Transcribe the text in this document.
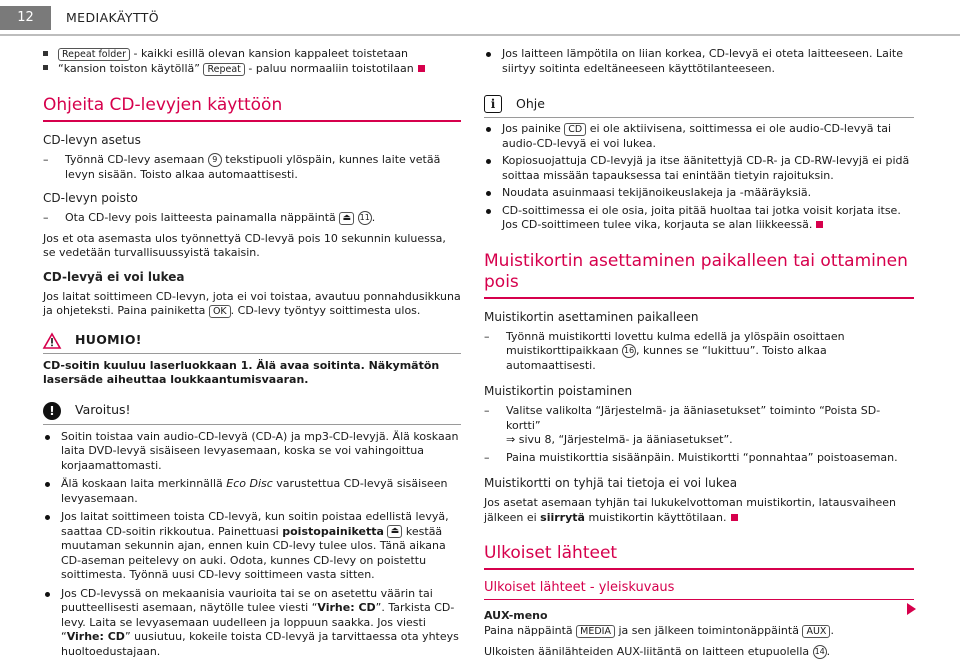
12	MEDIAKÄYTTÖ

Repeat folder - kaikki esillä olevan kansion kappaleet toistetaan

“kansion toiston käytöllä” Repeat - paluu normaaliin toistotilaan

Ohjeita CD-levyjen käyttöön
CD-levyn asetus

– Työnnä CD-levy asemaan 9 tekstipuoli ylöspäin, kunnes laite vetää levyn sisään. Toisto alkaa automaattisesti.

CD-levyn poisto

– Ota CD-levy pois laitteesta painamalla näppäintä ⏏ 11 .

Jos et ota asemasta ulos työnnettyä CD-levyä pois 10 sekunnin kuluessa, se vedetään turvallisuussyistä takaisin.

CD-levyä ei voi lukea

Jos laitat soittimeen CD-levyn, jota ei voi toistaa, avautuu ponnahdusikkuna ja ohjeteksti. Paina painiketta OK . CD-levy työntyy soittimesta ulos.

HUOMIO!

CD-soitin kuuluu laserluokkaan 1. Älä avaa soitinta. Näkymätön lasersäde aiheuttaa loukkaantumisvaaran.

!	Varoitus!

Soitin toistaa vain audio-CD-levyä (CD-A) ja mp3-CD-levyjä. Älä koskaan laita DVD-levyä sisäiseen levyasemaan, koska se voi vahingoittua korjaamattomasti.

Älä koskaan laita merkinnällä Eco Disc varustettua CD-levyä sisäiseen levyasemaan.

Jos laitat soittimeen toista CD-levyä, kun soitin poistaa edellistä levyä, saattaa CD-soitin rikkoutua. Painettuasi poistopainiketta ⏏ kestää muutaman sekunnin ajan, ennen kuin CD-levy tulee ulos. Tänä aikana CD-aseman peitelevy on auki. Odota, kunnes CD-levy on poistettu soittimesta. Työnnä uusi CD-levy soittimeen vasta sitten.

Jos CD-levyssä on mekaanisia vaurioita tai se on asetettu väärin tai puutteellisesti asemaan, näytölle tulee viesti “Virhe: CD”. Tarkista CD-levy. Laita se levyasemaan uudelleen ja loppuun saakka. Jos viesti “Virhe: CD” uusiutuu, kokeile toista CD-levyä ja tarvittaessa ota yhteys huoltoedustajaan.

Jos laitteen lämpötila on liian korkea, CD-levyä ei oteta laitteeseen. Laite siirtyy soitinta edeltäneeseen käyttötilanteeseen.

i	Ohje

Jos painike CD ei ole aktiivisena, soittimessa ei ole audio-CD-levyä tai audio-CD-levyä ei voi lukea.

Kopiosuojattuja CD-levyjä ja itse äänitettyjä CD-R- ja CD-RW-levyjä ei pidä soittaa missään tapauksessa tai enintään tietyin rajoituksin.

Noudata asuinmaasi tekijänoikeuslakeja ja -määräyksiä.

CD-soittimessa ei ole osia, joita pitää huoltaa tai jotka voisit korjata itse. Jos CD-soittimeen tulee vika, korjauta se alan liikkeessä.

Muistikortin asettaminen paikalleen tai ottaminen pois
Muistikortin asettaminen paikalleen

– Työnnä muistikortti lovettu kulma edellä ja ylöspäin osoittaen muistikorttipaikkaan 16 , kunnes se “lukittuu”. Toisto alkaa automaattisesti.

Muistikortin poistaminen

– Valitse valikolta “Järjestelmä- ja ääniasetukset” toiminto “Poista SD-kortti”

⇒ sivu 8, “Järjestelmä- ja ääniasetukset”.

– Paina muistikorttia sisäänpäin. Muistikortti “ponnahtaa” poistoaseman.

Muistikortti on tyhjä tai tietoja ei voi lukea

Jos asetat asemaan tyhjän tai lukukelvottoman muistikortin, latausvaiheen jälkeen ei siirrytä muistikortin käyttötilaan.

Ulkoiset lähteet
Ulkoiset lähteet - yleiskuvaus
AUX-meno

Paina näppäintä MEDIA ja sen jälkeen toimintonäppäintä AUX .

Ulkoisten äänilähteiden AUX-liitäntä on laitteen etupuolella 14 .
